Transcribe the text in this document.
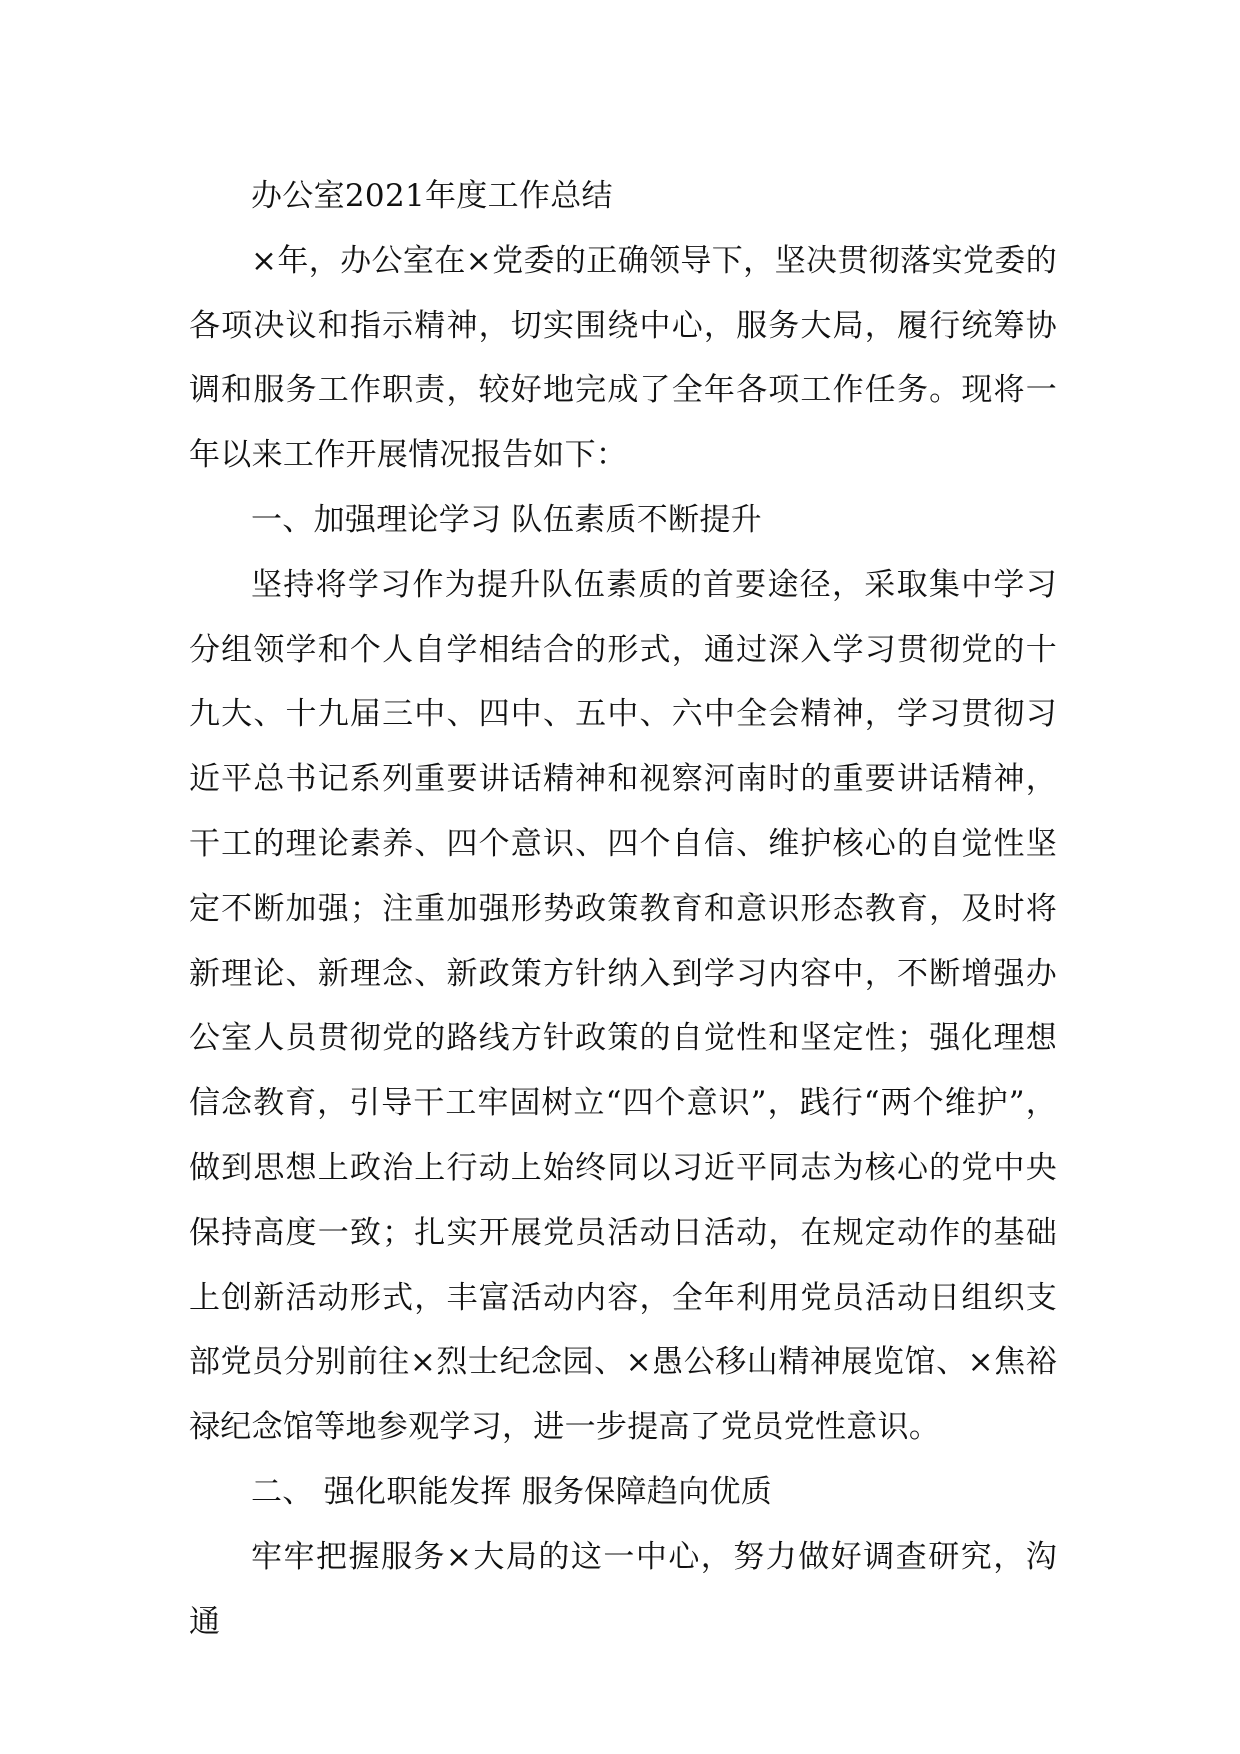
办公室2021年度工作总结

×年，办公室在×党委的正确领导下，坚决贯彻落实党委的各项决议和指示精神，切实围绕中心，服务大局，履行统筹协调和服务工作职责，较好地完成了全年各项工作任务。现将一年以来工作开展情况报告如下：

一、加强理论学习 队伍素质不断提升

坚持将学习作为提升队伍素质的首要途径，采取集中学习分组领学和个人自学相结合的形式，通过深入学习贯彻党的十九大、十九届三中、四中、五中、六中全会精神，学习贯彻习近平总书记系列重要讲话精神和视察河南时的重要讲话精神，干工的理论素养、四个意识、四个自信、维护核心的自觉性坚定不断加强；注重加强形势政策教育和意识形态教育，及时将新理论、新理念、新政策方针纳入到学习内容中，不断增强办公室人员贯彻党的路线方针政策的自觉性和坚定性；强化理想信念教育，引导干工牢固树立“四个意识”，践行“两个维护”，做到思想上政治上行动上始终同以习近平同志为核心的党中央保持高度一致；扎实开展党员活动日活动，在规定动作的基础上创新活动形式，丰富活动内容，全年利用党员活动日组织支部党员分别前往×烈士纪念园、×愚公移山精神展览馆、×焦裕禄纪念馆等地参观学习，进一步提高了党员党性意识。

二、 强化职能发挥 服务保障趋向优质

牢牢把握服务×大局的这一中心，努力做好调查研究，沟通
